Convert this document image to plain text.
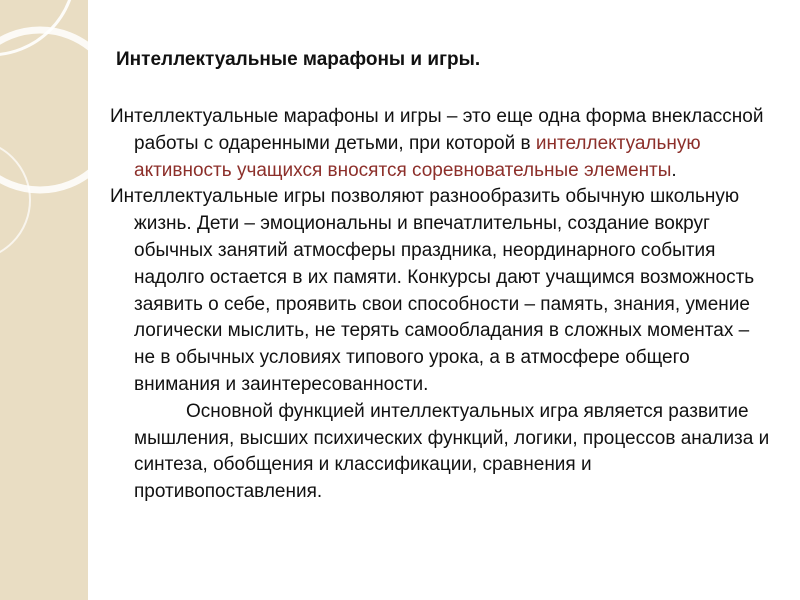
Интеллектуальные марафоны и игры.

Интеллектуальные марафоны и игры – это еще одна форма внеклассной работы с одаренными детьми, при которой в интеллектуальную активность учащихся вносятся соревновательные элементы.

Интеллектуальные игры позволяют разнообразить обычную школьную жизнь. Дети – эмоциональны и впечатлительны, создание вокруг обычных занятий атмосферы праздника, неординарного события надолго остается в их памяти. Конкурсы дают учащимся возможность заявить о себе, проявить свои способности – память, знания, умение логически мыслить, не терять самообладания в сложных моментах – не в обычных условиях типового урока, а в атмосфере общего внимания и заинтересованности.
Основной функцией интеллектуальных игра является развитие мышления, высших психических функций, логики, процессов анализа и синтеза, обобщения и классификации, сравнения и противопоставления.
